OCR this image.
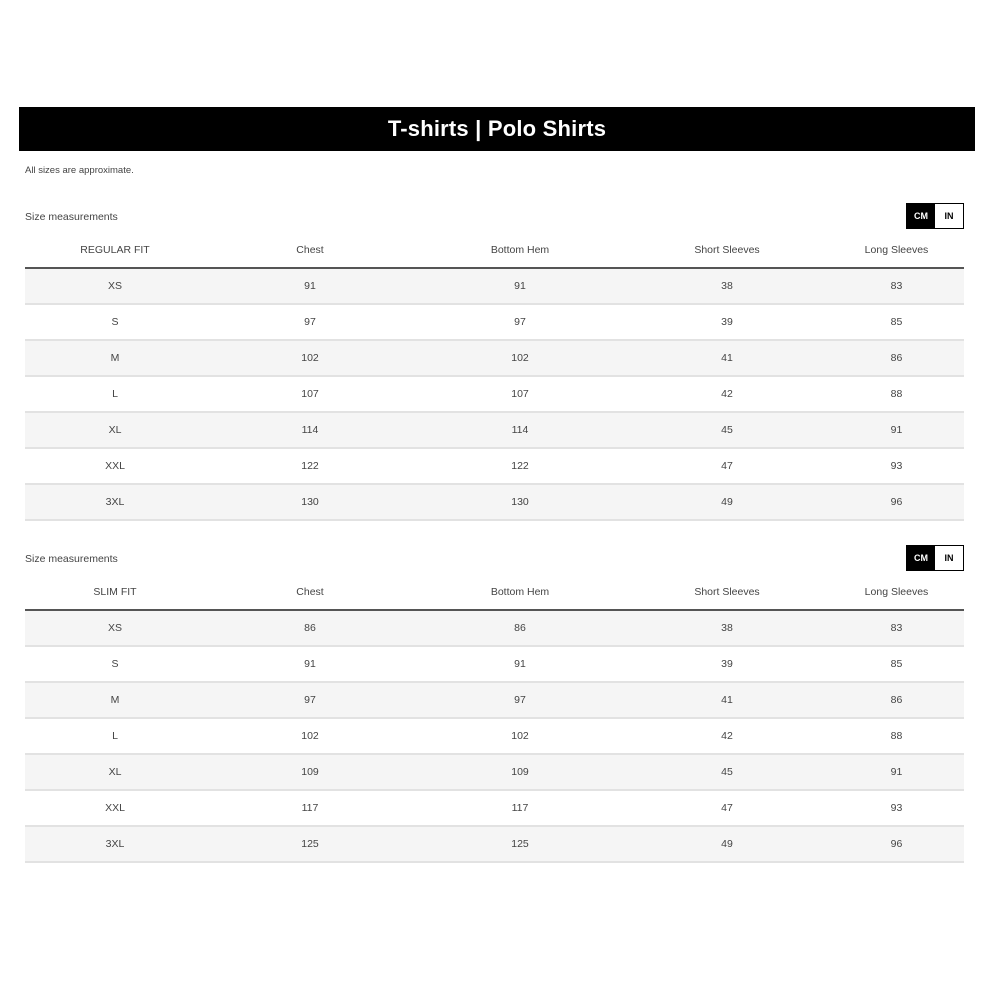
T-shirts | Polo Shirts
All sizes are approximate.
Size measurements	CM	IN
REGULAR FIT	Chest	Bottom Hem	Short Sleeves	Long Sleeves
XS	91	91	38	83
S	97	97	39	85
M	102	102	41	86
L	107	107	42	88
XL	114	114	45	91
XXL	122	122	47	93
3XL	130	130	49	96
Size measurements	CM	IN
SLIM FIT	Chest	Bottom Hem	Short Sleeves	Long Sleeves
XS	86	86	38	83
S	91	91	39	85
M	97	97	41	86
L	102	102	42	88
XL	109	109	45	91
XXL	117	117	47	93
3XL	125	125	49	96
